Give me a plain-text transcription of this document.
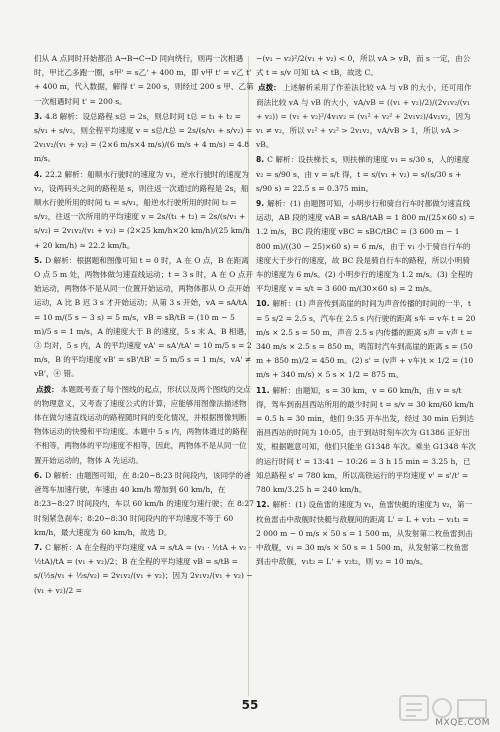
们从 A 点同时开始都沿 A→B→C→D 同向绕行，则再一次相遇时，甲比乙多跑一圈，s甲' = s乙' + 400 m，即 v甲 t' = v乙 t' + 400 m，代入数据，解得 t' = 200 s，则经过 200 s 甲、乙第一次相遇时间 t' = 200 s。

3. 4.8 解析：设总路程 s总 = 2s，则总时间 t总 = t₁ + t₂ = s/v₁ + s/v₂，则全程平均速度 v = s总/t总 = 2s/(s/v₁ + s/v₂) = 2v₁v₂/(v₁ + v₂) = (2×6 m/s×4 m/s)/(6 m/s + 4 m/s) = 4.8 m/s。

4. 22.2 解析：船顺水行驶时的速度为 v₁，逆水行驶时的速度为 v₂，设两码头之间的路程是 s，则往返一次通过的路程是 2s，船顺水行驶所用的时间 t₁ = s/v₁，船逆水行驶所用的时间 t₂ = s/v₂，往返一次所用的平均速度 v = 2s/(t₁ + t₂) = 2s/(s/v₁ + s/v₂) = 2v₁v₂/(v₁ + v₂) = (2×25 km/h×20 km/h)/(25 km/h + 20 km/h) ≈ 22.2 km/h。

5. D 解析：根据题和图像可知 t = 0 时，A 在 O 点，B 在距离 O 点 5 m 处，两物体做匀速直线运动；t = 3 s 时，A 在 O 点开始运动，两物体不是从同一位置开始运动，两物体都从 O 点开始运动，A 比 B 迟 3 s 才开始运动；从第 3 s 开始，vA = sA/tA = 10 m/(5 s − 3 s) = 5 m/s，vB = sB/tB = (10 m − 5 m)/5 s = 1 m/s，A 的速度大于 B 的速度，5 s 末 A、B 相遇，③ 均对，5 s 内，A 的平均速度 vA' = sA'/tA' = 10 m/5 s = 2 m/s，B 的平均速度 vB' = sB'/tB' = 5 m/5 s = 1 m/s，vA' ≠ vB'，④ 错。

点拨： 本题既考查了每个图线的起点，形状以及两个图线的交点的物理意义，又考查了速度公式的计算，应能够用图像法描述物体在做匀速直线运动的路程随时间的变化情况，并根据图像判断物体运动的快慢和平均速度。本题中 5 s 内，两物体通过的路程不相等，两物体的平均速度不相等，因此，两物体不是从同一位置开始运动的，物体 A 先运动。

6. D 解析：由题图可知，在 8:20~8:23 时间段内，该同学的爸爸驾车加速行驶，车速由 40 km/h 增加到 60 km/h，在 8:23~8:27 时间段内，车以 60 km/h 的速度匀速行驶；在 8:27 时刻紧急刹车；8:20~8:30 时间段内的平均速度不等于 60 km/h，最大速度为 60 km/h，故选 D。

7. C 解析：A 在全程的平均速度 vA = s/tA = (v₁ · ½tA + v₂ · ½tA)/tA = (v₁ + v₂)/2；B 在全程的平均速度 vB = s/tB = s/(½s/v₁ + ½s/v₂) = 2v₁v₂/(v₁ + v₂)；因为 2v₁v₂/(v₁ + v₂) − (v₁ + v₂)/2 =

−(v₁ − v₂)²/2(v₁ + v₂) < 0，所以 vA > vB，而 s 一定，由公式 t = s/v 可知 tA < tB，故选 C。

点拨： 上述解析采用了作差法比较 vA 与 vB 的大小，还可用作商法比较 vA 与 vB 的大小，vA/vB = ((v₁ + v₂)/2)/(2v₁v₂/(v₁ + v₂)) = (v₁ + v₂)²/4v₁v₂ = (v₁² + v₂² + 2v₁v₂)/4v₁v₂，因为 v₁ ≠ v₂，所以 v₁² + v₂² > 2v₁v₂，vA/vB > 1，所以 vA > vB。

8. C 解析：设扶梯长 s，则扶梯的速度 v₁ = s/30 s，人的速度 v₂ = s/90 s，由 v = s/t 得，t = s/(v₁ + v₂) = s/(s/30 s + s/90 s) = 22.5 s = 0.375 min。

9. 解析：(1) 由题图可知，小明步行和骑自行车时都做匀速直线运动，AB 段的速度 vAB = sAB/tAB = 1 800 m/(25×60 s) = 1.2 m/s，BC 段的速度 vBC = sBC/tBC = (3 600 m − 1 800 m)/((30 − 25)×60 s) = 6 m/s，由于 v₁ 小于骑自行车的速度大于步行的速度，故 BC 段是骑自行车的路程，所以小明骑车的速度为 6 m/s。(2) 小明步行的速度为 1.2 m/s。(3) 全程的平均速度 v = s/t = 3 600 m/(30×60 s) = 2 m/s。

10. 解析：(1) 声音传到高崖的时间为声音传播的时间的一半，t = 5 s/2 = 2.5 s，汽车在 2.5 s 内行驶的距离 s车 = v车 t = 20 m/s × 2.5 s = 50 m，声音 2.5 s 内传播的距离 s声 = v声 t = 340 m/s × 2.5 s = 850 m，鸣笛时汽车到高崖的距离 s = (50 m + 850 m)/2 = 450 m。(2) s' = (v声 + v车)t × 1/2 = (10 m/s + 340 m/s) × 5 s × 1/2 = 875 m。

11. 解析：由题知，s = 30 km，v = 60 km/h，由 v = s/t 得，驾车到南昌西站所用的最少时间 t = s/v = 30 km/60 km/h = 0.5 h = 30 min，他们 9:35 开车出发，经过 30 min 后到达南昌西站的时间为 10:05，由于到站时刻车次为 G1386 正好出发，根据题意可知，他们只能坐 G1348 车次。乘坐 G1348 车次的运行时间 t' = 13:41 − 10:26 = 3 h 15 min = 3.25 h，已知总路程 s' = 780 km，所以高铁运行的平均速度 v' = s'/t' = 780 km/3.25 h = 240 km/h。

12. 解析：(1) 设鱼雷的速度为 v₁，鱼雷快艇的速度为 v₂，第一枚鱼雷击中敌舰时快艇与敌舰间的距离 L' = L + v₂t₁ − v₁t₁ = 2 000 m − 0 m/s × 50 s = 1 500 m，从发射第二枚鱼雷到击中敌舰，v₁ = 30 m/s × 50 s = 1 500 m，从发射第二枚鱼雷到击中敌舰，v₁t₂ = L' + v₂t₂，则 v₂ = 10 m/s。

55
MXQE.COM
